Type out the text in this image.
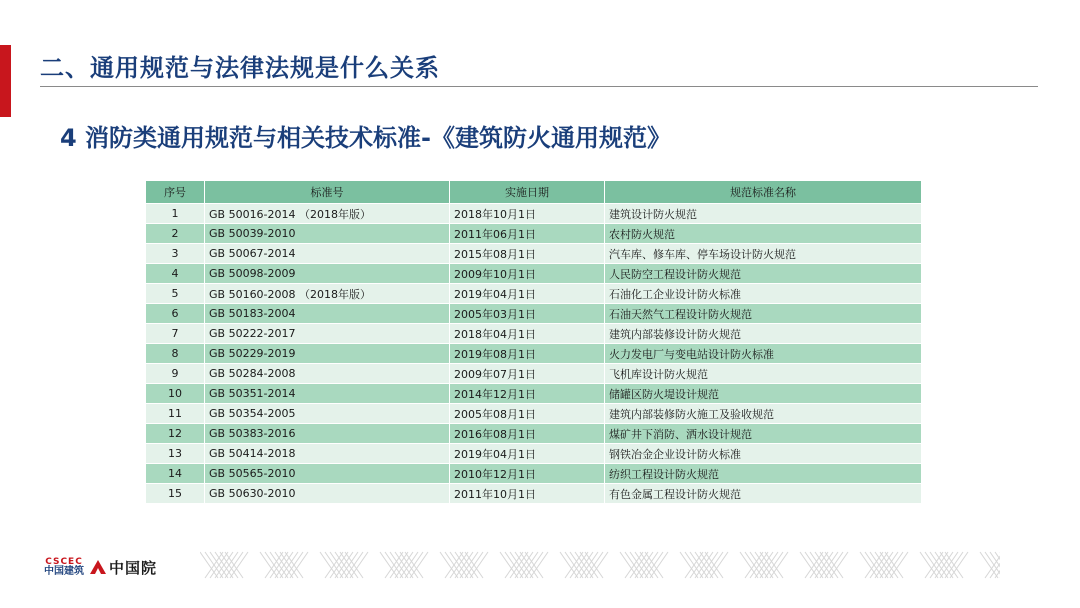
二、通用规范与法律法规是什么关系
4 消防类通用规范与相关技术标准-《建筑防火通用规范》
序号	标准号	实施日期	规范标准名称
1	GB 50016-2014 （2018年版）	2018年10月1日	建筑设计防火规范
2	GB 50039-2010	2011年06月1日	农村防火规范
3	GB 50067-2014	2015年08月1日	汽车库、修车库、停车场设计防火规范
4	GB 50098-2009	2009年10月1日	人民防空工程设计防火规范
5	GB 50160-2008 （2018年版）	2019年04月1日	石油化工企业设计防火标准
6	GB 50183-2004	2005年03月1日	石油天然气工程设计防火规范
7	GB 50222-2017	2018年04月1日	建筑内部装修设计防火规范
8	GB 50229-2019	2019年08月1日	火力发电厂与变电站设计防火标准
9	GB 50284-2008	2009年07月1日	飞机库设计防火规范
10	GB 50351-2014	2014年12月1日	储罐区防火堤设计规范
11	GB 50354-2005	2005年08月1日	建筑内部装修防火施工及验收规范
12	GB 50383-2016	2016年08月1日	煤矿井下消防、洒水设计规范
13	GB 50414-2018	2019年04月1日	钢铁冶金企业设计防火标准
14	GB 50565-2010	2010年12月1日	纺织工程设计防火规范
15	GB 50630-2010	2011年10月1日	有色金属工程设计防火规范
CSCEC
中国建筑 中国院
